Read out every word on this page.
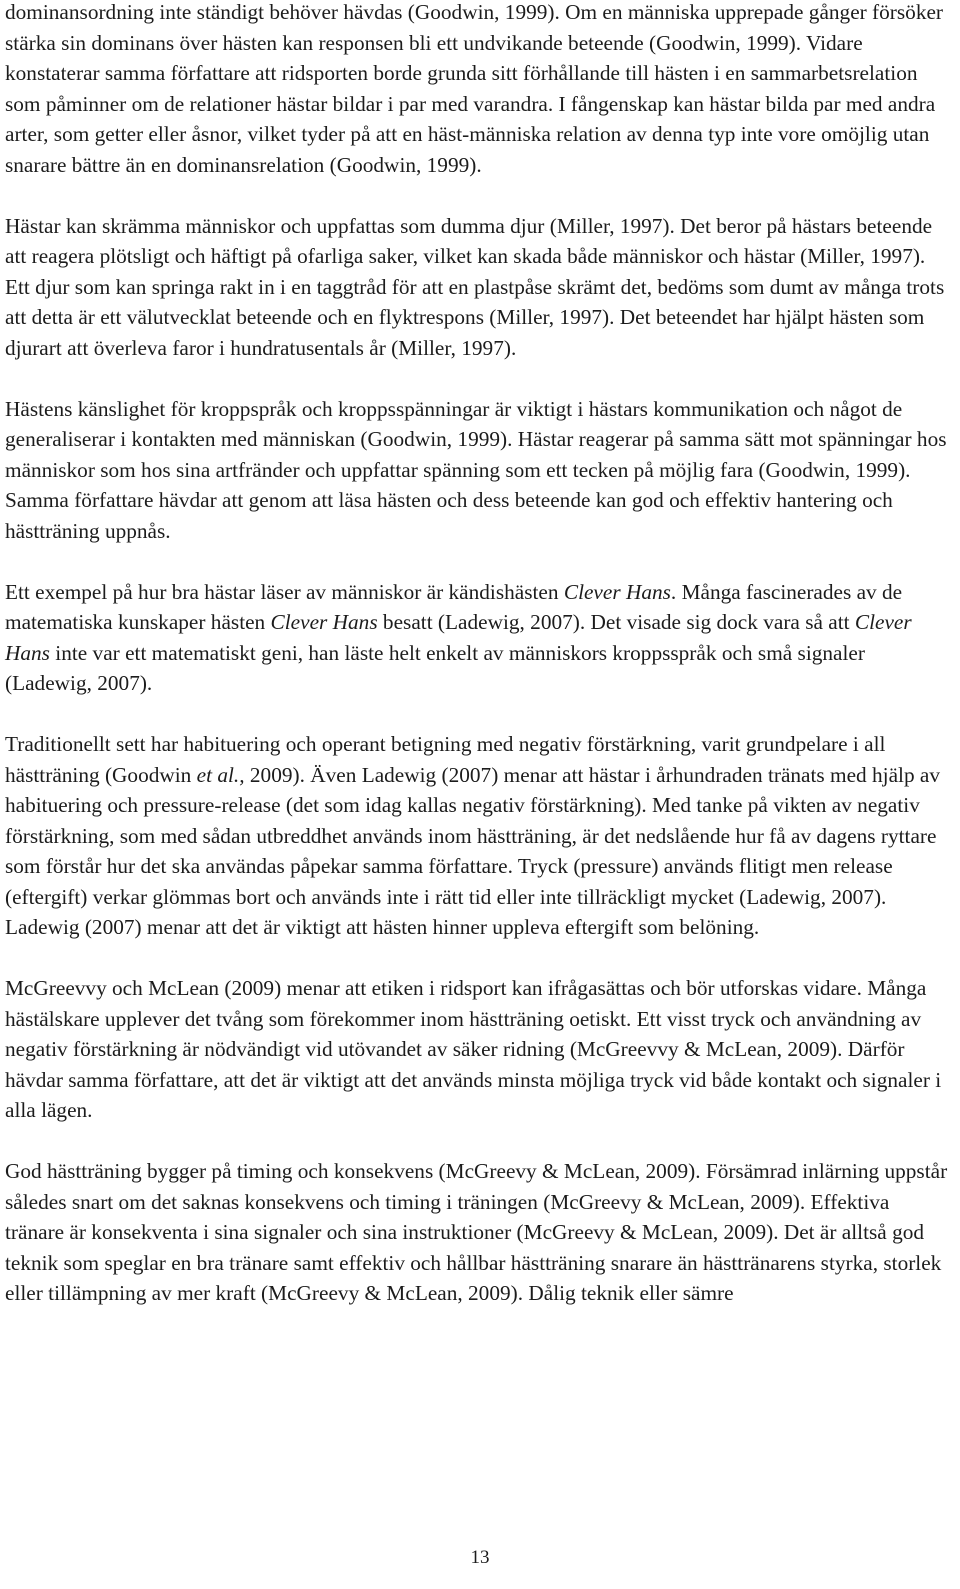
dominansordning inte ständigt behöver hävdas (Goodwin, 1999). Om en människa upprepade gånger försöker stärka sin dominans över hästen kan responsen bli ett undvikande beteende (Goodwin, 1999). Vidare konstaterar samma författare att ridsporten borde grunda sitt förhållande till hästen i en sammarbetsrelation som påminner om de relationer hästar bildar i par med varandra. I fångenskap kan hästar bilda par med andra arter, som getter eller åsnor, vilket tyder på att en häst-människa relation av denna typ inte vore omöjlig utan snarare bättre än en dominansrelation (Goodwin, 1999).

Hästar kan skrämma människor och uppfattas som dumma djur (Miller, 1997). Det beror på hästars beteende att reagera plötsligt och häftigt på ofarliga saker, vilket kan skada både människor och hästar (Miller, 1997). Ett djur som kan springa rakt in i en taggtråd för att en plastpåse skrämt det, bedöms som dumt av många trots att detta är ett välutvecklat beteende och en flyktrespons (Miller, 1997). Det beteendet har hjälpt hästen som djurart att överleva faror i hundratusentals år (Miller, 1997).

Hästens känslighet för kroppspråk och kroppsspänningar är viktigt i hästars kommunikation och något de generaliserar i kontakten med människan (Goodwin, 1999). Hästar reagerar på samma sätt mot spänningar hos människor som hos sina artfränder och uppfattar spänning som ett tecken på möjlig fara (Goodwin, 1999). Samma författare hävdar att genom att läsa hästen och dess beteende kan god och effektiv hantering och hästträning uppnås.

Ett exempel på hur bra hästar läser av människor är kändishästen Clever Hans. Många fascinerades av de matematiska kunskaper hästen Clever Hans besatt (Ladewig, 2007). Det visade sig dock vara så att Clever Hans inte var ett matematiskt geni, han läste helt enkelt av människors kroppsspråk och små signaler (Ladewig, 2007).

Traditionellt sett har habituering och operant betigning med negativ förstärkning, varit grundpelare i all hästträning (Goodwin et al., 2009). Även Ladewig (2007) menar att hästar i århundraden tränats med hjälp av habituering och pressure-release (det som idag kallas negativ förstärkning). Med tanke på vikten av negativ förstärkning, som med sådan utbreddhet används inom hästträning, är det nedslående hur få av dagens ryttare som förstår hur det ska användas påpekar samma författare. Tryck (pressure) används flitigt men release (eftergift) verkar glömmas bort och används inte i rätt tid eller inte tillräckligt mycket (Ladewig, 2007). Ladewig (2007) menar att det är viktigt att hästen hinner uppleva eftergift som belöning.

McGreevvy och McLean (2009) menar att etiken i ridsport kan ifrågasättas och bör utforskas vidare. Många hästälskare upplever det tvång som förekommer inom hästträning oetiskt. Ett visst tryck och användning av negativ förstärkning är nödvändigt vid utövandet av säker ridning (McGreevvy & McLean, 2009). Därför hävdar samma författare, att det är viktigt att det används minsta möjliga tryck vid både kontakt och signaler i alla lägen.

God hästträning bygger på timing och konsekvens (McGreevy & McLean, 2009). Försämrad inlärning uppstår således snart om det saknas konsekvens och timing i träningen (McGreevy & McLean, 2009). Effektiva tränare är konsekventa i sina signaler och sina instruktioner (McGreevy & McLean, 2009). Det är alltså god teknik som speglar en bra tränare samt effektiv och hållbar hästträning snarare än hästtränarens styrka, storlek eller tillämpning av mer kraft (McGreevy & McLean, 2009). Dålig teknik eller sämre

13
